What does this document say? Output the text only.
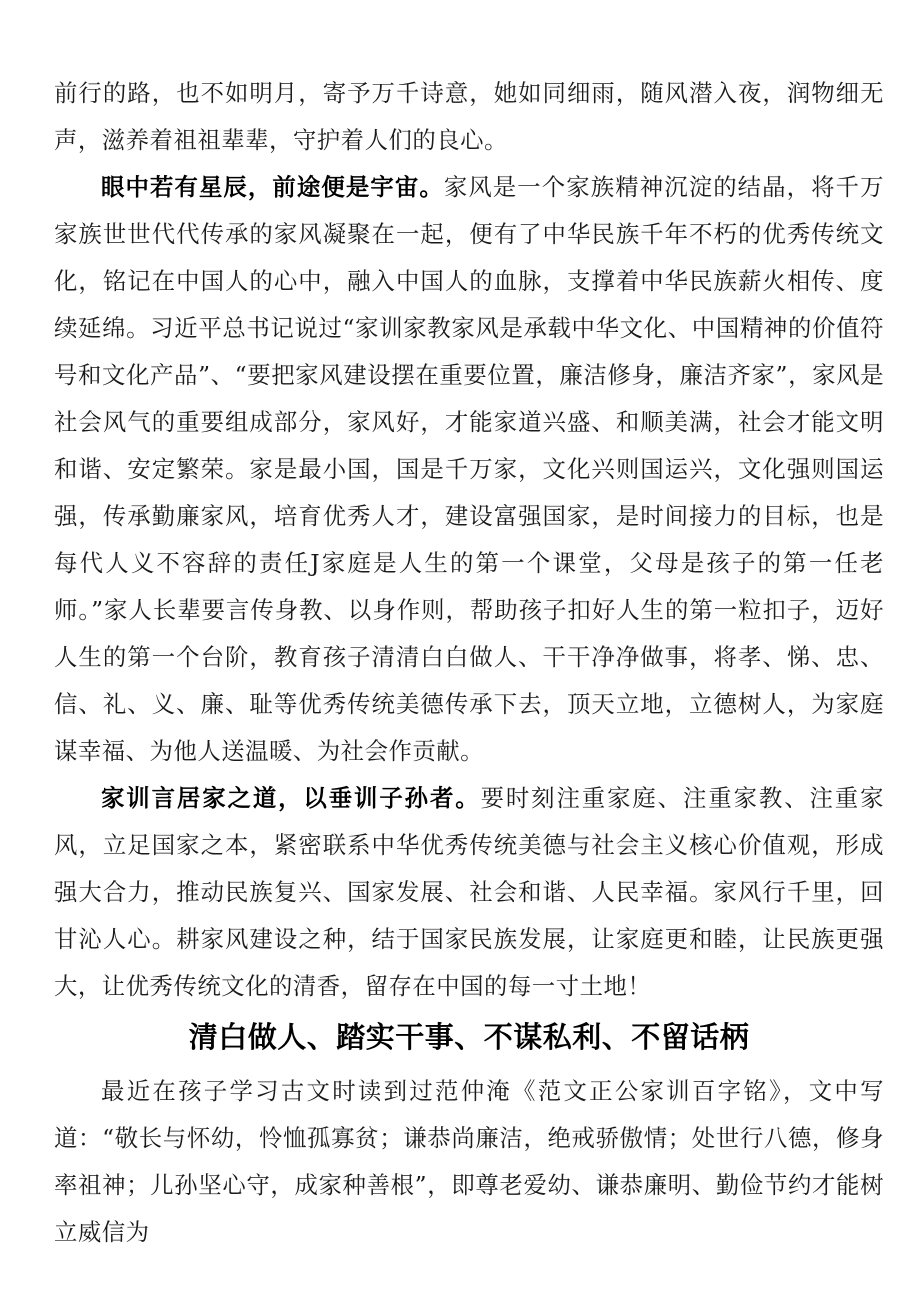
前行的路，也不如明月，寄予万千诗意，她如同细雨，随风潜入夜，润物细无声，滋养着祖祖辈辈，守护着人们的良心。

眼中若有星辰，前途便是宇宙。家风是一个家族精神沉淀的结晶，将千万家族世世代代传承的家风凝聚在一起，便有了中华民族千年不朽的优秀传统文化，铭记在中国人的心中，融入中国人的血脉，支撑着中华民族薪火相传、度续延绵。习近平总书记说过“家训家教家风是承载中华文化、中国精神的价值符号和文化产品”、“要把家风建设摆在重要位置，廉洁修身，廉洁齐家”，家风是社会风气的重要组成部分，家风好，才能家道兴盛、和顺美满，社会才能文明和谐、安定繁荣。家是最小国，国是千万家，文化兴则国运兴，文化强则国运强，传承勤廉家风，培育优秀人才，建设富强国家，是时间接力的目标，也是每代人义不容辞的责任J家庭是人生的第一个课堂，父母是孩子的第一任老师。”家人长辈要言传身教、以身作则，帮助孩子扣好人生的第一粒扣子，迈好人生的第一个台阶，教育孩子清清白白做人、干干净净做事，将孝、悌、忠、信、礼、义、廉、耻等优秀传统美德传承下去，顶天立地，立德树人，为家庭谋幸福、为他人送温暖、为社会作贡献。

家训言居家之道，以垂训子孙者。要时刻注重家庭、注重家教、注重家风，立足国家之本，紧密联系中华优秀传统美德与社会主义核心价值观，形成强大合力，推动民族复兴、国家发展、社会和谐、人民幸福。家风行千里，回甘沁人心。耕家风建设之种，结于国家民族发展，让家庭更和睦，让民族更强大，让优秀传统文化的清香，留存在中国的每一寸土地！

清白做人、踏实干事、不谋私利、不留话柄

最近在孩子学习古文时读到过范仲淹《范文正公家训百字铭》，文中写道：“敬长与怀幼，怜恤孤寡贫；谦恭尚廉洁，绝戒骄傲情；处世行八德，修身率祖神；儿孙坚心守，成家种善根”，即尊老爱幼、谦恭廉明、勤俭节约才能树立威信为
